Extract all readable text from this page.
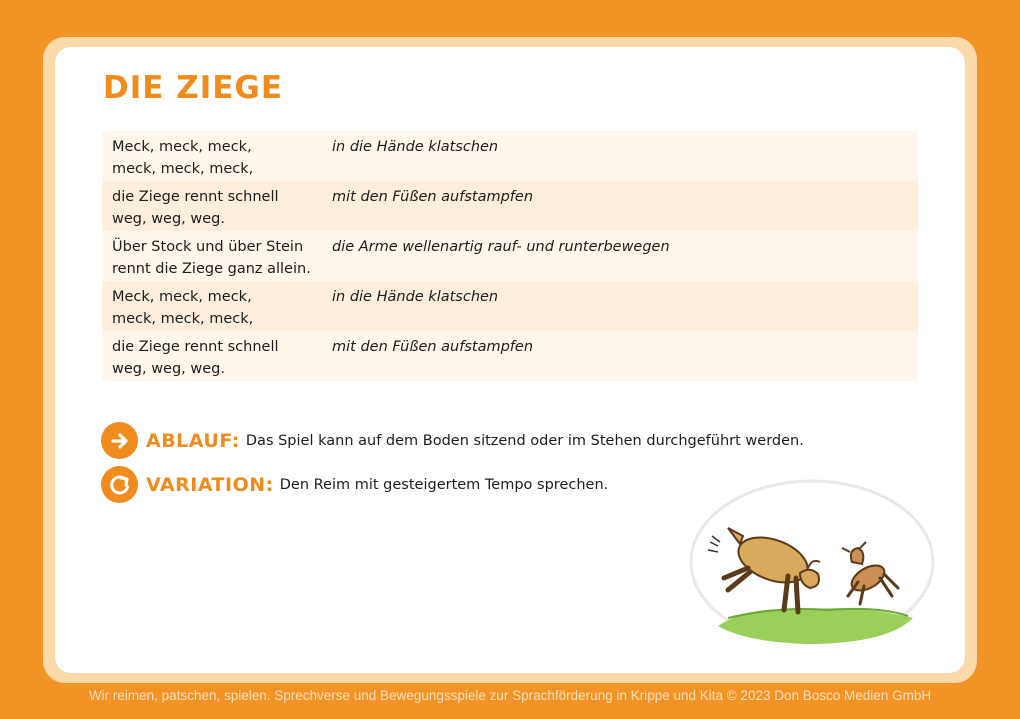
DIE ZIEGE
Meck, meck, meck,
meck, meck, meck,
in die Hände klatschen
die Ziege rennt schnell
weg, weg, weg.
mit den Füßen aufstampfen
Über Stock und über Stein
rennt die Ziege ganz allein.
die Arme wellenartig rauf- und runterbewegen
Meck, meck, meck,
meck, meck, meck,
in die Hände klatschen
die Ziege rennt schnell
weg, weg, weg.
mit den Füßen aufstampfen
ABLAUF: Das Spiel kann auf dem Boden sitzend oder im Stehen durchgeführt werden.
VARIATION: Den Reim mit gesteigertem Tempo sprechen.
Wir reimen, patschen, spielen. Sprechverse und Bewegungsspiele zur Sprachförderung in Krippe und Kita © 2023 Don Bosco Medien GmbH
